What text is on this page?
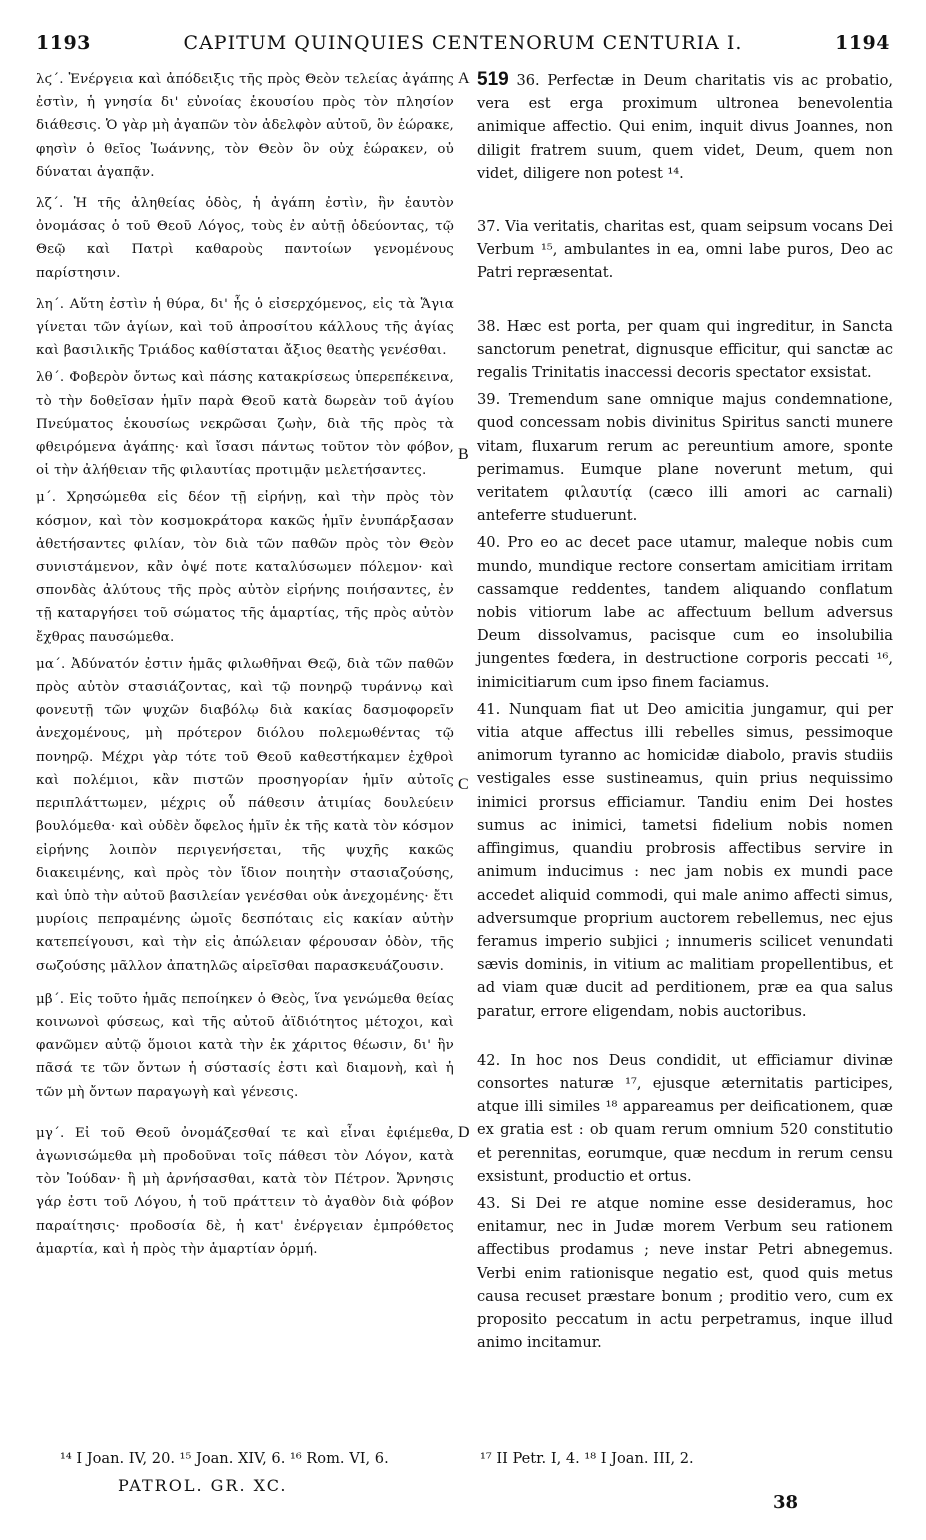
1193	CAPITUM QUINQUIES CENTENORUM CENTURIA I.	1194
A
B
C
D

λϛ΄. Ἐνέργεια καὶ ἀπόδειξις τῆς πρὸς Θεὸν τελείας ἀγάπης ἐστὶν, ἡ γνησία δι' εὐνοίας ἑκουσίου πρὸς τὸν πλησίον διάθεσις. Ὁ γὰρ μὴ ἀγαπῶν τὸν ἀδελφὸν αὐτοῦ, ὃν ἑώρακε, φησὶν ὁ θεῖος Ἰωάννης, τὸν Θεὸν ὃν οὐχ ἑώρακεν, οὐ δύναται ἀγαπᾷν.

λζ΄. Ἡ τῆς ἀληθείας ὁδὸς, ἡ ἀγάπη ἐστὶν, ἣν ἑαυτὸν ὀνομάσας ὁ τοῦ Θεοῦ Λόγος, τοὺς ἐν αὐτῇ ὁδεύοντας, τῷ Θεῷ καὶ Πατρὶ καθαροὺς παντοίων γενομένους παρίστησιν.

λη΄. Αὕτη ἐστὶν ἡ θύρα, δι' ἧς ὁ εἰσερχόμενος, εἰς τὰ Ἅγια γίνεται τῶν ἁγίων, καὶ τοῦ ἀπροσίτου κάλλους τῆς ἁγίας καὶ βασιλικῆς Τριάδος καθίσταται ἄξιος θεατὴς γενέσθαι.

λθ΄. Φοβερὸν ὄντως καὶ πάσης κατακρίσεως ὑπερεπέκεινα, τὸ τὴν δοθεῖσαν ἡμῖν παρὰ Θεοῦ κατὰ δωρεὰν τοῦ ἁγίου Πνεύματος ἑκουσίως νεκρῶσαι ζωὴν, διὰ τῆς πρὸς τὰ φθειρόμενα ἀγάπης· καὶ ἴσασι πάντως τοῦτον τὸν φόβον, οἱ τὴν ἀλήθειαν τῆς φιλαυτίας προτιμᾷν μελετήσαντες.

μ΄. Χρησώμεθα εἰς δέον τῇ εἰρήνῃ, καὶ τὴν πρὸς τὸν κόσμον, καὶ τὸν κοσμοκράτορα κακῶς ἡμῖν ἐνυπάρξασαν ἀθετήσαντες φιλίαν, τὸν διὰ τῶν παθῶν πρὸς τὸν Θεὸν συνιστάμενον, κἂν ὀψέ ποτε καταλύσωμεν πόλεμον· καὶ σπονδὰς ἀλύτους τῆς πρὸς αὐτὸν εἰρήνης ποιήσαντες, ἐν τῇ καταργήσει τοῦ σώματος τῆς ἁμαρτίας, τῆς πρὸς αὐτὸν ἔχθρας παυσώμεθα.

μα΄. Ἀδύνατόν ἐστιν ἡμᾶς φιλωθῆναι Θεῷ, διὰ τῶν παθῶν πρὸς αὐτὸν στασιάζοντας, καὶ τῷ πονηρῷ τυράννῳ καὶ φονευτῇ τῶν ψυχῶν διαβόλῳ διὰ κακίας δασμοφορεῖν ἀνεχομένους, μὴ πρότερον διόλου πολεμωθέντας τῷ πονηρῷ. Μέχρι γὰρ τότε τοῦ Θεοῦ καθεστήκαμεν ἐχθροὶ καὶ πολέμιοι, κἂν πιστῶν προσηγορίαν ἡμῖν αὐτοῖς περιπλάττωμεν, μέχρις οὗ πάθεσιν ἀτιμίας δουλεύειν βουλόμεθα· καὶ οὐδὲν ὄφελος ἡμῖν ἐκ τῆς κατὰ τὸν κόσμον εἰρήνης λοιπὸν περιγενήσεται, τῆς ψυχῆς κακῶς διακειμένης, καὶ πρὸς τὸν ἴδιον ποιητὴν στασιαζούσης, καὶ ὑπὸ τὴν αὐτοῦ βασιλείαν γενέσθαι οὐκ ἀνεχομένης· ἔτι μυρίοις πεπραμένης ὠμοῖς δεσπόταις εἰς κακίαν αὐτὴν κατεπείγουσι, καὶ τὴν εἰς ἀπώλειαν φέρουσαν ὁδὸν, τῆς σωζούσης μᾶλλον ἀπατηλῶς αἱρεῖσθαι παρασκευάζουσιν.

μβ΄. Εἰς τοῦτο ἡμᾶς πεποίηκεν ὁ Θεὸς, ἵνα γενώμεθα θείας κοινωνοὶ φύσεως, καὶ τῆς αὐτοῦ ἀϊδιότητος μέτοχοι, καὶ φανῶμεν αὐτῷ ὅμοιοι κατὰ τὴν ἐκ χάριτος θέωσιν, δι' ἣν πᾶσά τε τῶν ὄντων ἡ σύστασίς ἐστι καὶ διαμονὴ, καὶ ἡ τῶν μὴ ὄντων παραγωγὴ καὶ γένεσις.

μγ΄. Εἰ τοῦ Θεοῦ ὀνομάζεσθαί τε καὶ εἶναι ἐφιέμεθα, ἀγωνισώμεθα μὴ προδοῦναι τοῖς πάθεσι τὸν Λόγον, κατὰ τὸν Ἰούδαν· ἢ μὴ ἀρνήσασθαι, κατὰ τὸν Πέτρον. Ἄρνησις γάρ ἐστι τοῦ Λόγου, ἡ τοῦ πράττειν τὸ ἀγαθὸν διὰ φόβον παραίτησις· προδοσία δὲ, ἡ κατ' ἐνέργειαν ἐμπρόθετος ἁμαρτία, καὶ ἡ πρὸς τὴν ἁμαρτίαν ὁρμή.

519 36. Perfectæ in Deum charitatis vis ac probatio, vera est erga proximum ultronea benevolentia animique affectio. Qui enim, inquit divus Joannes, non diligit fratrem suum, quem videt, Deum, quem non videt, diligere non potest ¹⁴.

37. Via veritatis, charitas est, quam seipsum vocans Dei Verbum ¹⁵, ambulantes in ea, omni labe puros, Deo ac Patri repræsentat.

38. Hæc est porta, per quam qui ingreditur, in Sancta sanctorum penetrat, dignusque efficitur, qui sanctæ ac regalis Trinitatis inaccessi decoris spectator exsistat.

39. Tremendum sane omnique majus condemnatione, quod concessam nobis divinitus Spiritus sancti munere vitam, fluxarum rerum ac pereuntium amore, sponte perimamus. Eumque plane noverunt metum, qui veritatem φιλαυτίᾳ (cæco illi amori ac carnali) anteferre studuerunt.

40. Pro eo ac decet pace utamur, maleque nobis cum mundo, mundique rectore consertam amicitiam irritam cassamque reddentes, tandem aliquando conflatum nobis vitiorum labe ac affectuum bellum adversus Deum dissolvamus, pacisque cum eo insolubilia jungentes fœdera, in destructione corporis peccati ¹⁶, inimicitiarum cum ipso finem faciamus.

41. Nunquam fiat ut Deo amicitia jungamur, qui per vitia atque affectus illi rebelles simus, pessimoque animorum tyranno ac homicidæ diabolo, pravis studiis vestigales esse sustineamus, quin prius nequissimo inimici prorsus efficiamur. Tandiu enim Dei hostes sumus ac inimici, tametsi fidelium nobis nomen affingimus, quandiu probrosis affectibus servire in animum inducimus : nec jam nobis ex mundi pace accedet aliquid commodi, qui male animo affecti simus, adversumque proprium auctorem rebellemus, nec ejus feramus imperio subjici ; innumeris scilicet venundati sævis dominis, in vitium ac malitiam propellentibus, et ad viam quæ ducit ad perditionem, præ ea qua salus paratur, errore eligendam, nobis auctoribus.

42. In hoc nos Deus condidit, ut efficiamur divinæ consortes naturæ ¹⁷, ejusque æternitatis participes, atque illi similes ¹⁸ appareamus per deificationem, quæ ex gratia est : ob quam rerum omnium 520 constitutio et perennitas, eorumque, quæ necdum in rerum censu exsistunt, productio et ortus.

43. Si Dei re atque nomine esse desideramus, hoc enitamur, nec in Judæ morem Verbum seu rationem affectibus prodamus ; neve instar Petri abnegemus. Verbi enim rationisque negatio est, quod quis metus causa recuset præstare bonum ; proditio vero, cum ex proposito peccatum in actu perpetramus, inque illud animo incitamur.

¹⁴ I Joan. IV, 20. ¹⁵ Joan. XIV, 6. ¹⁶ Rom. VI, 6.	¹⁷ II Petr. I, 4. ¹⁸ I Joan. III, 2.
PATROL. GR. XC.
38
